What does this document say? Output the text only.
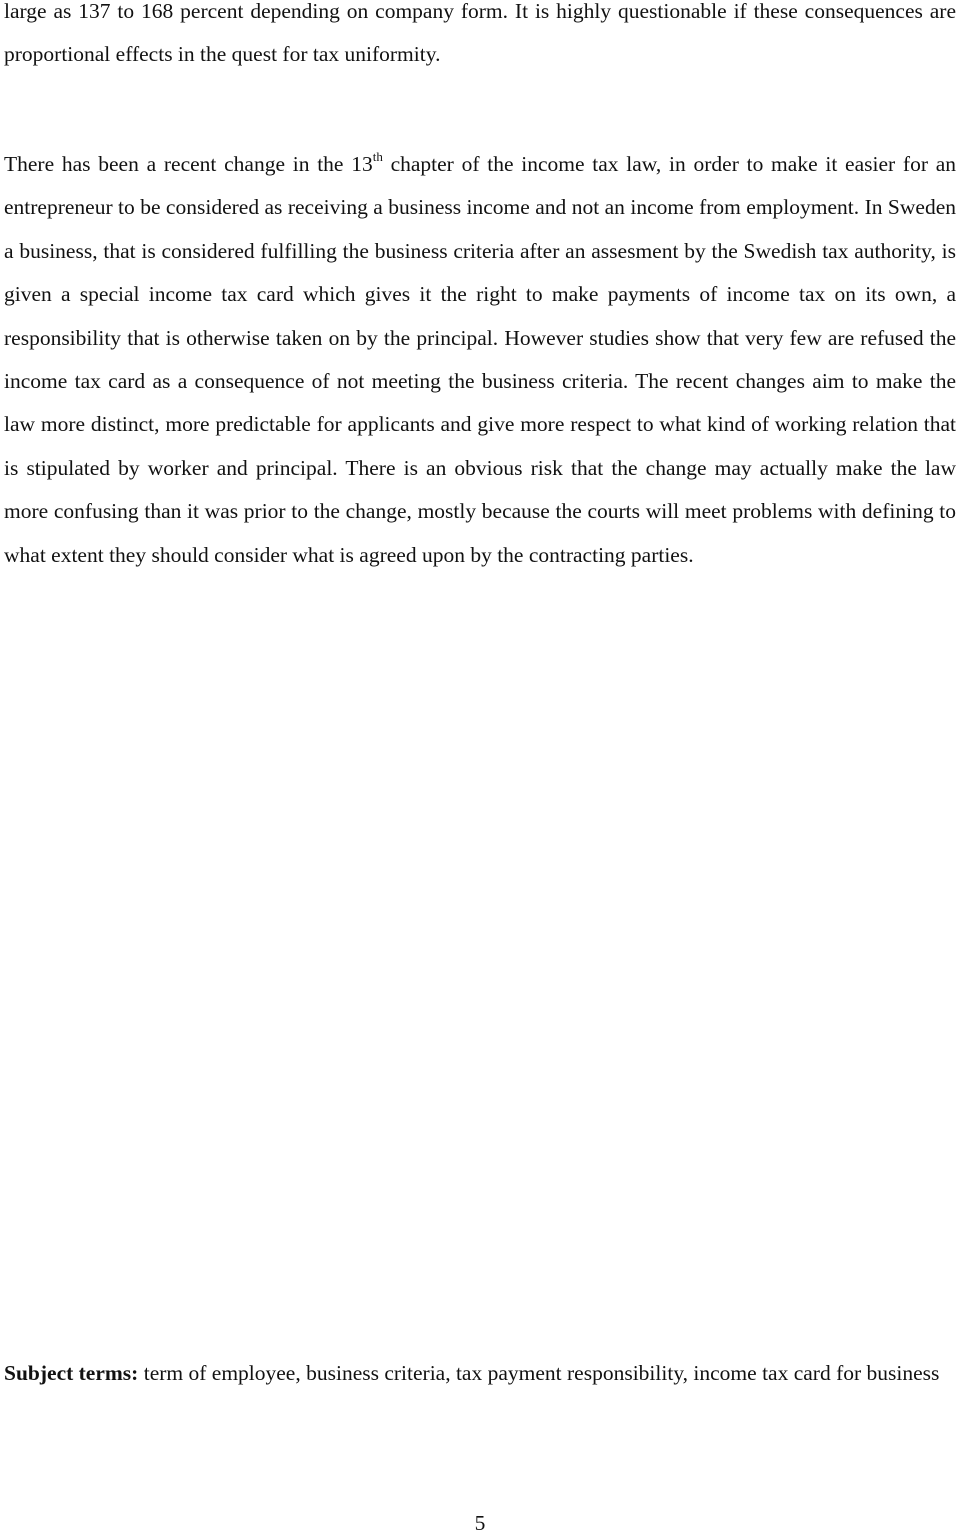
large as 137 to 168 percent depending on company form. It is highly questionable if these consequences are proportional effects in the quest for tax uniformity.

There has been a recent change in the 13th chapter of the income tax law, in order to make it easier for an entrepreneur to be considered as receiving a business income and not an income from employment. In Sweden a business, that is considered fulfilling the business criteria after an assesment by the Swedish tax authority, is given a special income tax card which gives it the right to make payments of income tax on its own, a responsibility that is otherwise taken on by the principal. However studies show that very few are refused the income tax card as a consequence of not meeting the business criteria. The recent changes aim to make the law more distinct, more predictable for applicants and give more respect to what kind of working relation that is stipulated by worker and principal. There is an obvious risk that the change may actually make the law more confusing than it was prior to the change, mostly because the courts will meet problems with defining to what extent they should consider what is agreed upon by the contracting parties.

Subject terms: term of employee, business criteria, tax payment responsibility, income tax card for business

5
